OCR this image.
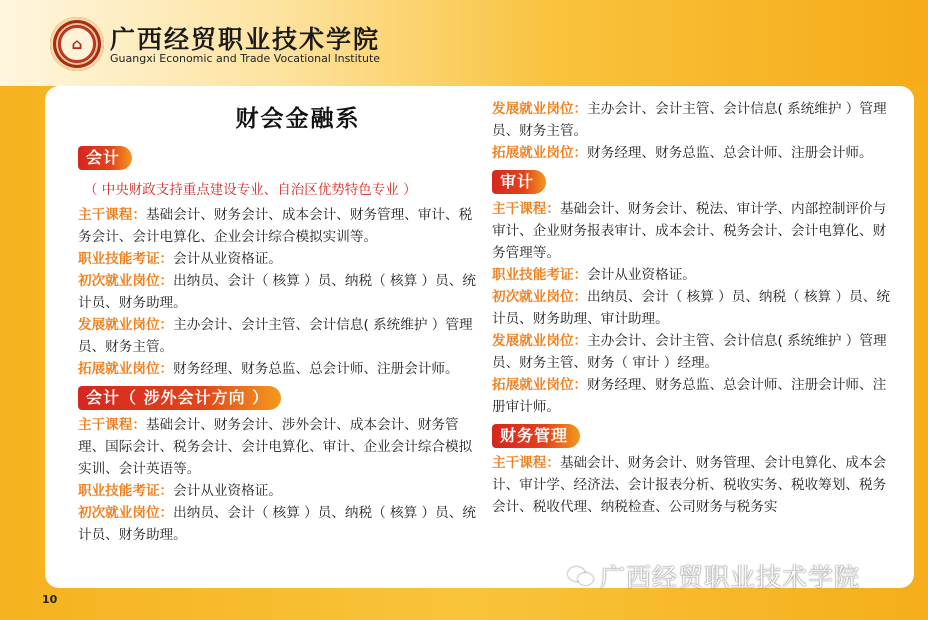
⌂ 广西经贸职业技术学院
Guangxi Economic and Trade Vocational Institute
财会金融系
会计
（ 中央财政支持重点建设专业、自治区优势特色专业 ）

主干课程：基础会计、财务会计、成本会计、财务管理、审计、税务会计、会计电算化、企业会计综合模拟实训等。

职业技能考证：会计从业资格证。

初次就业岗位：出纳员、会计（ 核算 ）员、纳税（ 核算 ）员、统计员、财务助理。

发展就业岗位：主办会计、会计主管、会计信息( 系统维护 ）管理员、财务主管。

拓展就业岗位：财务经理、财务总监、总会计师、注册会计师。

会计（ 涉外会计方向 ）

主干课程：基础会计、财务会计、涉外会计、成本会计、财务管理、国际会计、税务会计、会计电算化、审计、企业会计综合模拟实训、会计英语等。

职业技能考证：会计从业资格证。

初次就业岗位：出纳员、会计（ 核算 ）员、纳税（ 核算 ）员、统计员、财务助理。

发展就业岗位：主办会计、会计主管、会计信息( 系统维护 ）管理员、财务主管。

拓展就业岗位：财务经理、财务总监、总会计师、注册会计师。

审计

主干课程：基础会计、财务会计、税法、审计学、内部控制评价与审计、企业财务报表审计、成本会计、税务会计、会计电算化、财务管理等。

职业技能考证：会计从业资格证。

初次就业岗位：出纳员、会计（ 核算 ）员、纳税（ 核算 ）员、统计员、财务助理、审计助理。

发展就业岗位：主办会计、会计主管、会计信息( 系统维护 ）管理员、财务主管、财务（ 审计 ）经理。

拓展就业岗位：财务经理、财务总监、总会计师、注册会计师、注册审计师。

财务管理

主干课程：基础会计、财务会计、财务管理、会计电算化、成本会计、审计学、经济法、会计报表分析、税收实务、税收筹划、税务会计、税收代理、纳税检查、公司财务与税务实

10
广西经贸职业技术学院
